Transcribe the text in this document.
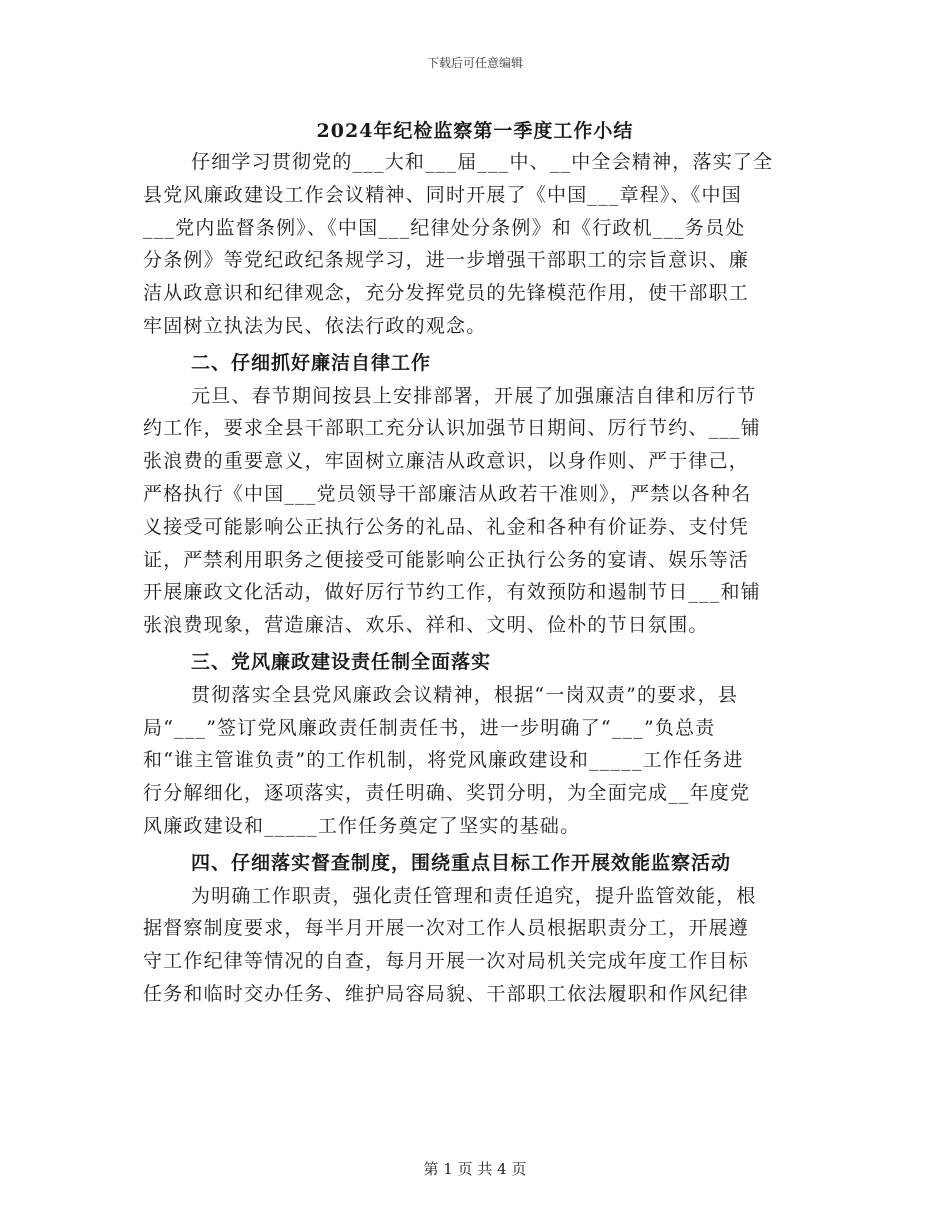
下载后可任意编辑
2024年纪检监察第一季度工作小结

仔细学习贯彻党的___大和___届___中、__中全会精神，落实了全

县党风廉政建设工作会议精神、同时开展了《中国___章程》、《中国

___党内监督条例》、《中国___纪律处分条例》和《行政机___务员处

分条例》等党纪政纪条规学习，进一步增强干部职工的宗旨意识、廉

洁从政意识和纪律观念，充分发挥党员的先锋模范作用，使干部职工

牢固树立执法为民、依法行政的观念。

二、仔细抓好廉洁自律工作

元旦、春节期间按县上安排部署，开展了加强廉洁自律和厉行节

约工作，要求全县干部职工充分认识加强节日期间、厉行节约、___铺

张浪费的重要意义，牢固树立廉洁从政意识，以身作则、严于律己，

严格执行《中国___党员领导干部廉洁从政若干准则》，严禁以各种名

义接受可能影响公正执行公务的礼品、礼金和各种有价证券、支付凭

证，严禁利用职务之便接受可能影响公正执行公务的宴请、娱乐等活

开展廉政文化活动，做好厉行节约工作，有效预防和遏制节日___和铺

张浪费现象，营造廉洁、欢乐、祥和、文明、俭朴的节日氛围。

三、党风廉政建设责任制全面落实

贯彻落实全县党风廉政会议精神，根据“一岗双责”的要求，县

局“___”签订党风廉政责任制责任书，进一步明确了“___”负总责

和“谁主管谁负责”的工作机制，将党风廉政建设和_____工作任务进

行分解细化，逐项落实，责任明确、奖罚分明，为全面完成__年度党

风廉政建设和_____工作任务奠定了坚实的基础。

四、仔细落实督查制度，围绕重点目标工作开展效能监察活动

为明确工作职责，强化责任管理和责任追究，提升监管效能，根

据督察制度要求，每半月开展一次对工作人员根据职责分工，开展遵

守工作纪律等情况的自查，每月开展一次对局机关完成年度工作目标

任务和临时交办任务、维护局容局貌、干部职工依法履职和作风纪律

第 1 页 共 4 页
